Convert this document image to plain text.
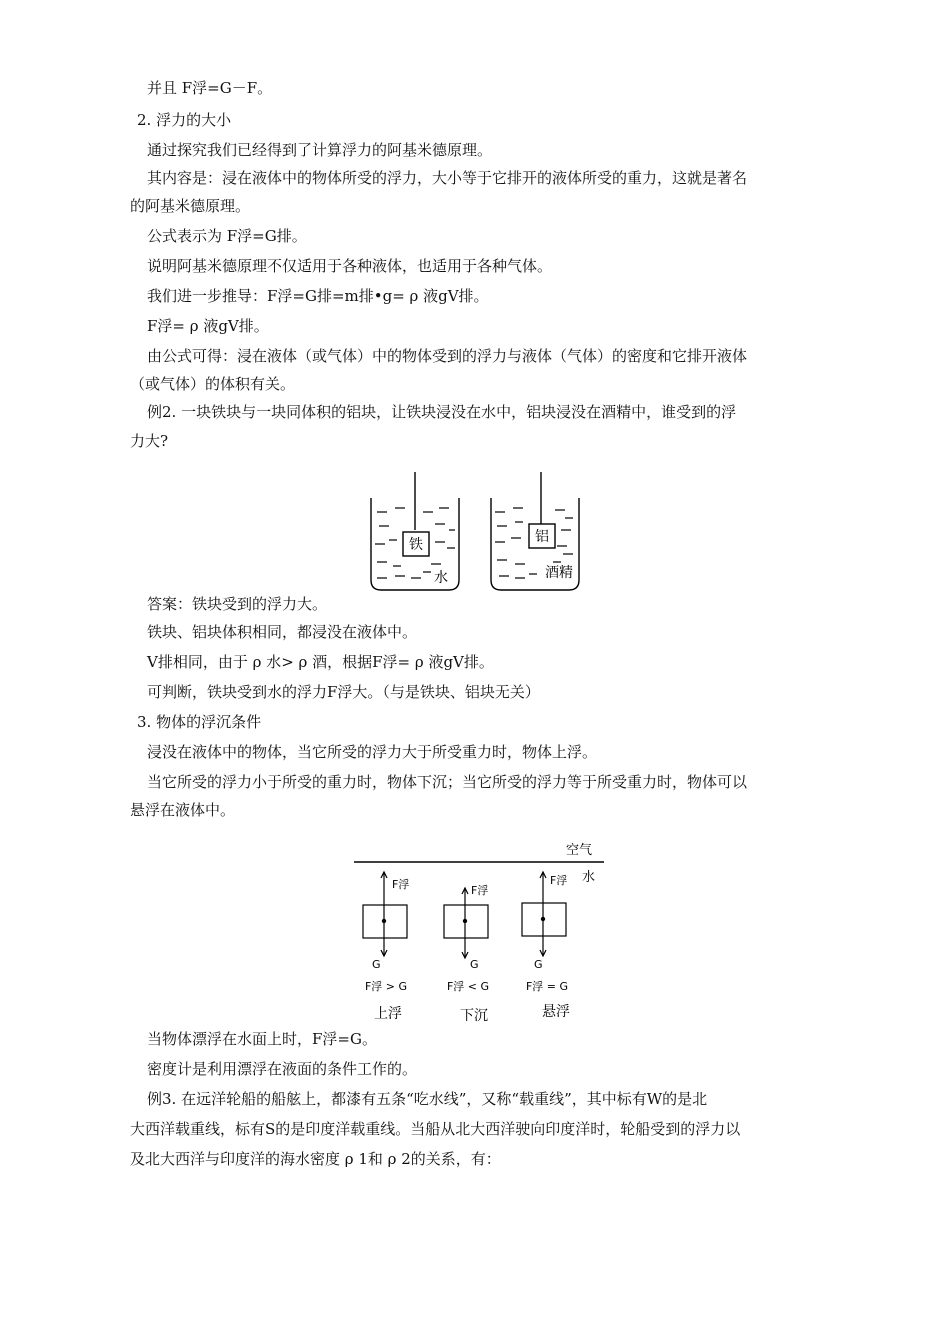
并且 F浮=G－F。
2. 浮力的大小
通过探究我们已经得到了计算浮力的阿基米德原理。
其内容是：浸在液体中的物体所受的浮力，大小等于它排开的液体所受的重力，这就是著名
的阿基米德原理。
公式表示为 F浮=G排。
说明阿基米德原理不仅适用于各种液体，也适用于各种气体。
我们进一步推导：F浮=G排=m排•g= ρ 液gV排。
F浮= ρ 液gV排。
由公式可得：浸在液体（或气体）中的物体受到的浮力与液体（气体）的密度和它排开液体
（或气体）的体积有关。
例2. 一块铁块与一块同体积的铝块，让铁块浸没在水中，铝块浸没在酒精中，谁受到的浮
力大?
铁
水
铝
酒精
答案：铁块受到的浮力大。
铁块、铝块体积相同，都浸没在液体中。
V排相同，由于 ρ 水> ρ 酒，根据F浮= ρ 液gV排。
可判断，铁块受到水的浮力F浮大。（与是铁块、铝块无关）
3. 物体的浮沉条件
浸没在液体中的物体，当它所受的浮力大于所受重力时，物体上浮。
当它所受的浮力小于所受的重力时，物体下沉；当它所受的浮力等于所受重力时，物体可以
悬浮在液体中。
空气
水
F浮	F浮
F浮
G	G	G
F浮 > G	F浮 < G	F浮 = G
上浮	下沉	悬浮
当物体漂浮在水面上时，F浮=G。
密度计是利用漂浮在液面的条件工作的。
例3. 在远洋轮船的船舷上，都漆有五条“吃水线”，又称“载重线”，其中标有W的是北
大西洋载重线，标有S的是印度洋载重线。当船从北大西洋驶向印度洋时，轮船受到的浮力以
及北大西洋与印度洋的海水密度 ρ 1和 ρ 2的关系，有：
